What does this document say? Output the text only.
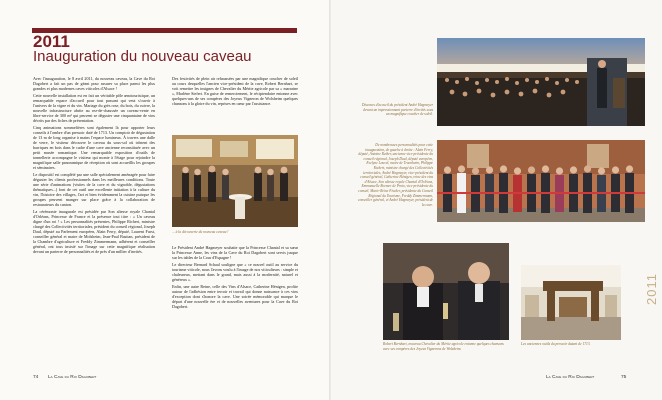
2011
Inauguration du nouveau caveau

Avec l'inauguration, le 8 avril 2011, du nouveau caveau, la Cave du Roi Dagobert a fait un pas de géant pour assurer sa place parmi les plus grandes et plus modernes caves viticoles d'Alsace !

Cette nouvelle installation est en fait un véritable pôle œnotouristique, un remarquable espace d'accueil pour tout passant qui veut s'ouvrir à l'univers de la vigne et du vin. Mariage du grès rose, du bois, du cuivre, la nouvelle infrastructure abrite au rez-de-chaussée un caveau-vente en libre-service de 300 m² qui peuvent se déguster une cinquantaine de vins décrits par des fiches de présentation.

Cinq animations sommelières sont également là pour apporter leurs conseils à l'ombre d'un pressoir daté de 1713. Un comptoir de dégustation de 13 m de long organise à mains l'espace lumineux. À travers une dalle de verre, le visiteur découvre le caveau du sous-sol où trônent des barriques en bois dans le cadre d'une cave ancienne reconstituée avec un petit musée romantique. Une remarquable exposition d'outils de tonnellerie accompagne le visiteur qui monte à l'étage pour rejoindre la magnifique salle panoramique de réception où sont accueillis les groupes et séminaires.

Le dispositif est complété par une salle spécialement aménagée pour faire déguster les clients professionnels dans les meilleures conditions. Toute une série d'animations (visites de la cave et du vignoble, dégustations thématiques...) font de cet outil une excellente initiation à la culture du vin, l'histoire des villages, l'art et bien évidemment la cuisine puisque les groupes peuvent manger sur place grâce à la collaboration de restaurateurs du canton.

La cérémonie inaugurale est présidée par Son altesse royale Chantal d'Orléans, Princesse de France et la présence tout titre : « Un caveau digne d'un roi ! » Les personnalités présentes, Philippe Richert, ministre chargé des Collectivités territoriales, président du conseil régional, Joseph Daul, député au Parlement européen, Alain Ferry, député, Laurent Furst, conseiller général et maire de Molsheim, Jean-Paul Bastian, président de la Chambre d'agriculture et Freddy Zimmermann, adhérent et conseiller général, ont tous insisté sur l'image sur cette magnifique réalisation devant un parterre de personnalités et de près d'un millier d'invités.

Des festivités de plein air rehaussées par une magnifique coucher de soleil au cours desquelles l'ancien vice-président de la cave, Robert Bernhart, se voit remettre les insignes de Chevalier du Mérite agricole par sa « marraine », Marlène Siefert. En guise de remerciement, le récipiendaire entonne avec quelques-uns de ses compères des Joyeux Vigneron de Wolxheim quelques chansons à la gloire du vin, reprises en cœur par l'assistance.

... à la découverte du nouveau caveau !

Le Président André Hagmeyer souhaite que la Princesse Chantal et sa sœur la Princesse Anne, les vins de la Cave du Roi Dagobert sont servis jusque sur les tables de la Cour d'Espagne !

Le directeur Bernard Schaal souligne que « ce nouvel outil au service du tourisme viticole, nous l'avons voulu à l'image de nos viticulteurs : simple et chaleureux, mettant dans le grand, mais aussi à la modernité, naturel et généreux ».

Enfin, une autre Reine, celle des Vins d'Alsace, Catherine Hénigen, profite autour de l'adhésion entre terroir et travail qui donne naissance à ces vins d'exception dont s'honore la cave. Une soirée mémorable qui marque le départ d'une nouvelle ère et de nouvelles aventures pour la Cave du Roi Dagobert.

74 La Cave du Roi Dagobert
Discours d'accueil du président André Hagmeyer devant un impressionnant parterre d'invités sous un magnifique coucher de soleil.
De nombreuses personnalités pour cette inauguration, de gauche à droite : Alain Ferry, député, Antoine Reiher, ancienne vice-présidente du conseil régional, Joseph Daul, député européen, Evelyne Louvel, maire de Traenheim, Philippe Richert, ministre chargé des Collectivités territoriales, André Hagmeyer, vice-président du conseil général, Catherine Hénigen, reine des vins d'Alsace, Son altesse royale Chantal d'Orléans, Emmanuelle Roemer de Proto, vice-présidente du conseil, Marie-Reine Fischer, présidente du Conseil Régional du Tourisme, Freddy Zimmermann, conseiller général, et André Hagmeyer, président de la cave.
Robert Bernhart, nouveau Chevalier du Mérite agricole entonne quelques chansons avec ses compères des Joyeux Vignerons de Wolxheim.
Les anciennes outils du pressoir datant de 1713.
2011
La Cave du Roi Dagobert	75
